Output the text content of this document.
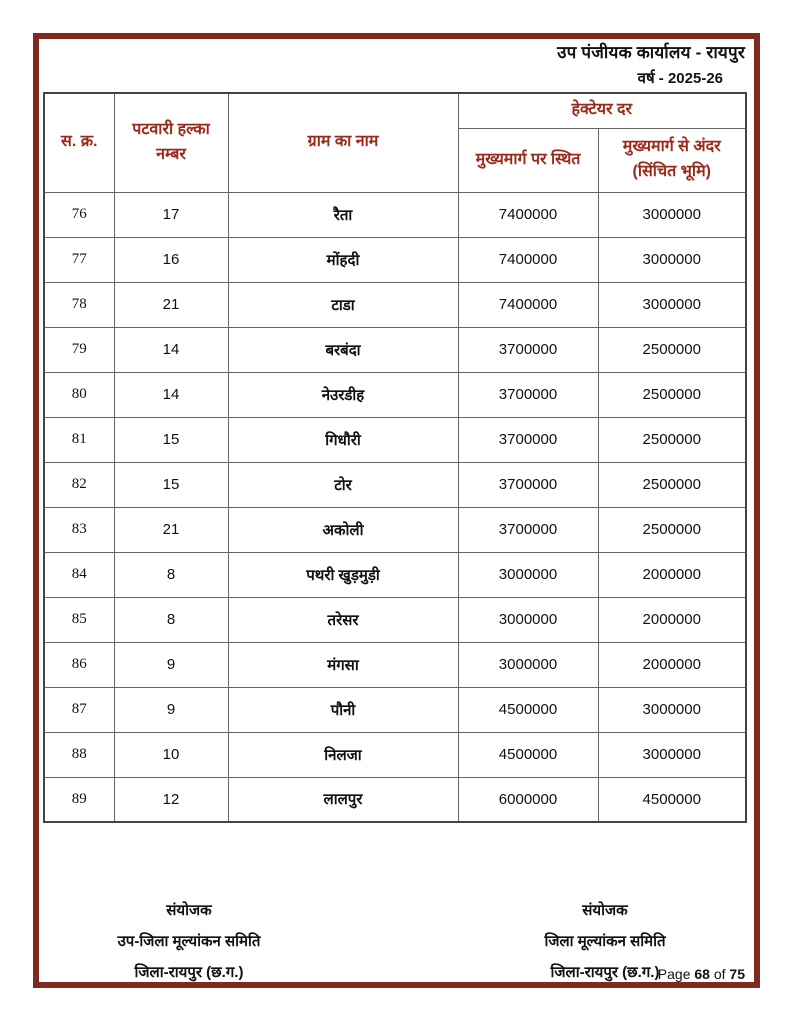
उप पंजीयक कार्यालय - रायपुर
वर्ष - 2025-26
स. क्र.	पटवारी हल्का नम्बर	ग्राम का नाम	हेक्टेयर दर	
			मुख्यमार्ग पर स्थित	मुख्यमार्ग से अंदर (सिंचित भूमि)
76	17	रैता	7400000	3000000
77	16	मोंहदी	7400000	3000000
78	21	टाडा	7400000	3000000
79	14	बरबंदा	3700000	2500000
80	14	नेउरडीह	3700000	2500000
81	15	गिधौरी	3700000	2500000
82	15	टोर	3700000	2500000
83	21	अकोली	3700000	2500000
84	8	पथरी खुड़मुड़ी	3000000	2000000
85	8	तरेसर	3000000	2000000
86	9	मंगसा	3000000	2000000
87	9	पौनी	4500000	3000000
88	10	निलजा	4500000	3000000
89	12	लालपुर	6000000	4500000
संयोजक
उप-जिला मूल्यांकन समिति
जिला-रायपुर (छ.ग.)
संयोजक
जिला मूल्यांकन समिति
जिला-रायपुर (छ.ग.)
Page 68 of 75
